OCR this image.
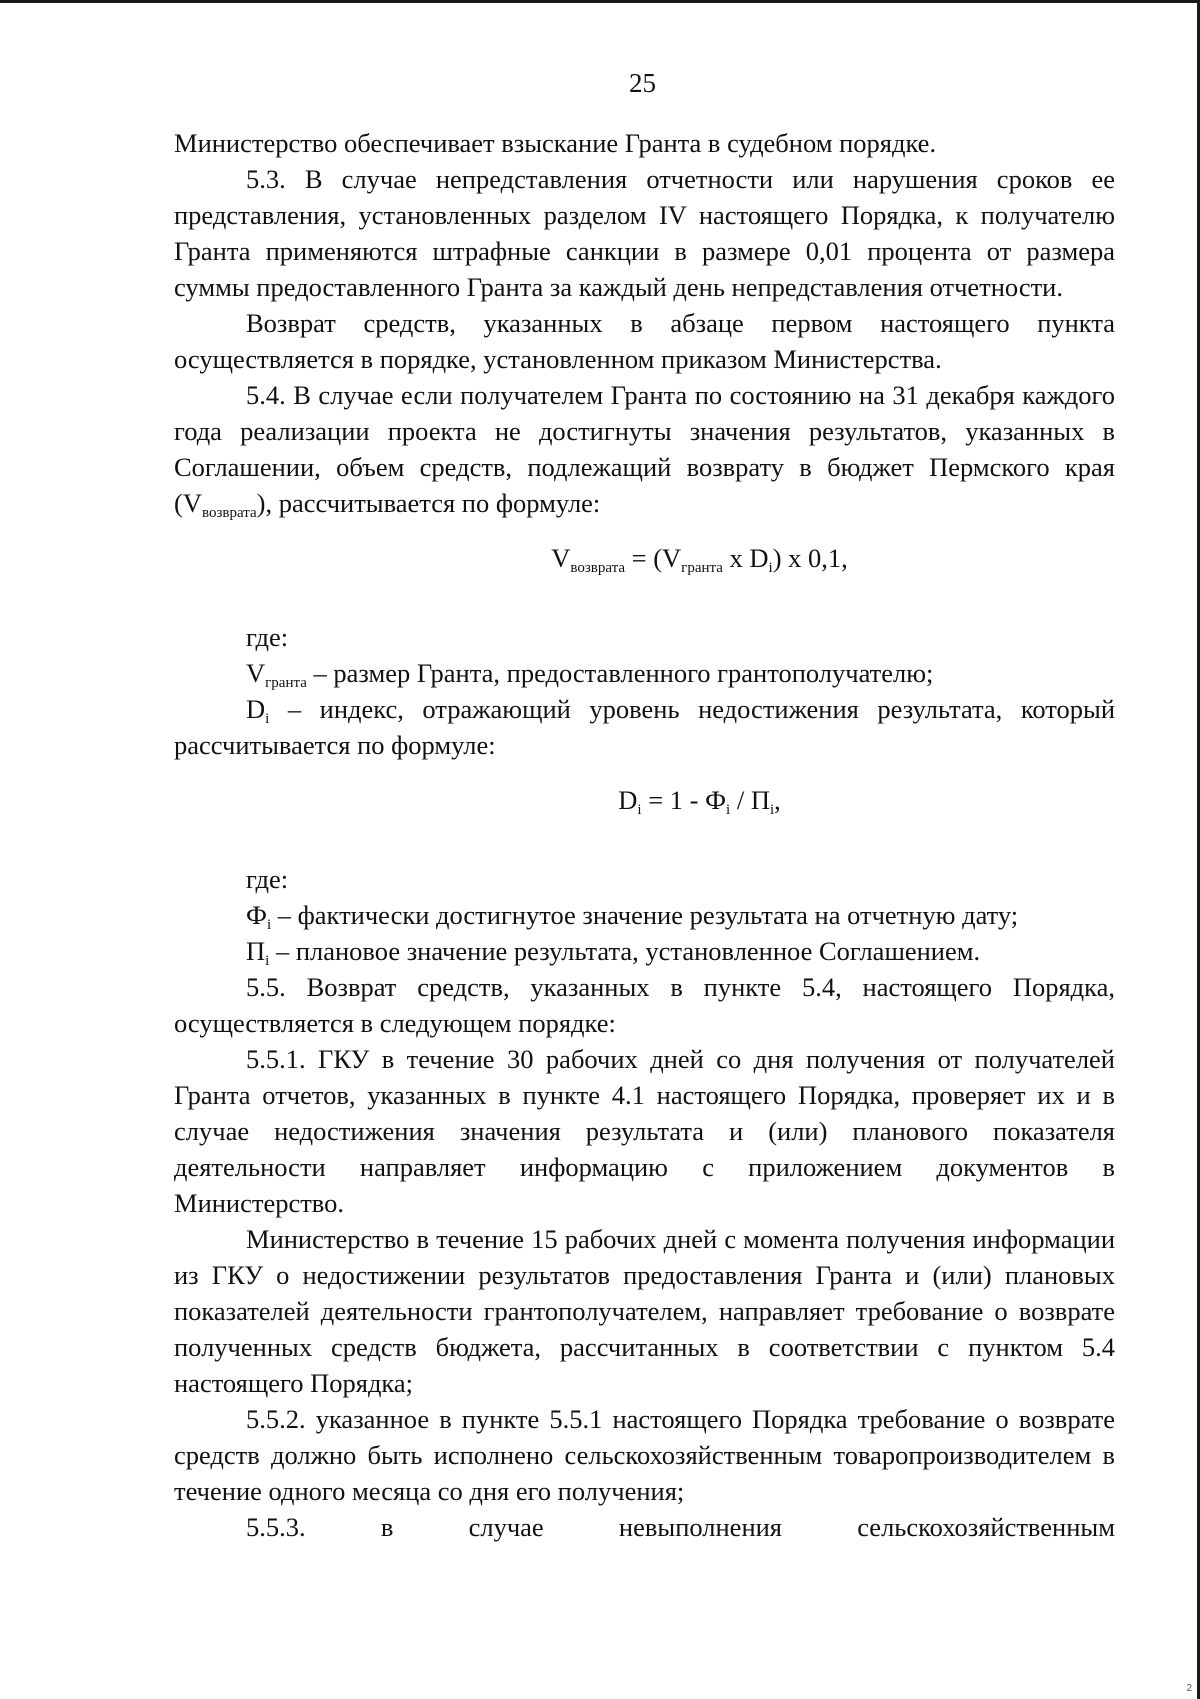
25

Министерство обеспечивает взыскание Гранта в судебном порядке.

5.3. В случае непредставления отчетности или нарушения сроков ее представления, установленных разделом IV настоящего Порядка, к получателю Гранта применяются штрафные санкции в размере 0,01 процента от размера суммы предоставленного Гранта за каждый день непредставления отчетности.

Возврат средств, указанных в абзаце первом настоящего пункта осуществляется в порядке, установленном приказом Министерства.

5.4. В случае если получателем Гранта по состоянию на 31 декабря каждого года реализации проекта не достигнуты значения результатов, указанных в Соглашении, объем средств, подлежащий возврату в бюджет Пермского края $(V_{возврата})$, рассчитывается по формуле:

$V_{возврата} = (V_{гранта}$ x $D_i$) x 0,1,

где:

$V_{гранта}$ – размер Гранта, предоставленного грантополучателю;

$D_i$ – индекс, отражающий уровень недостижения результата, который рассчитывается по формуле:

$D_i = 1 - Ф_i / П_i$,

где:

$Ф_i$ – фактически достигнутое значение результата на отчетную дату;

$П_i$ – плановое значение результата, установленное Соглашением.

5.5. Возврат средств, указанных в пункте 5.4, настоящего Порядка, осуществляется в следующем порядке:

5.5.1. ГКУ в течение 30 рабочих дней со дня получения от получателей Гранта отчетов, указанных в пункте 4.1 настоящего Порядка, проверяет их и в случае недостижения значения результата и (или) планового показателя деятельности направляет информацию с приложением документов в Министерство.

Министерство в течение 15 рабочих дней с момента получения информации из ГКУ о недостижении результатов предоставления Гранта и (или) плановых показателей деятельности грантополучателем, направляет требование о возврате полученных средств бюджета, рассчитанных в соответствии с пунктом 5.4 настоящего Порядка;

5.5.2. указанное в пункте 5.5.1 настоящего Порядка требование о возврате средств должно быть исполнено сельскохозяйственным товаропроизводителем в течение одного месяца со дня его получения;

5.5.3. в случае невыполнения сельскохозяйственным

2
